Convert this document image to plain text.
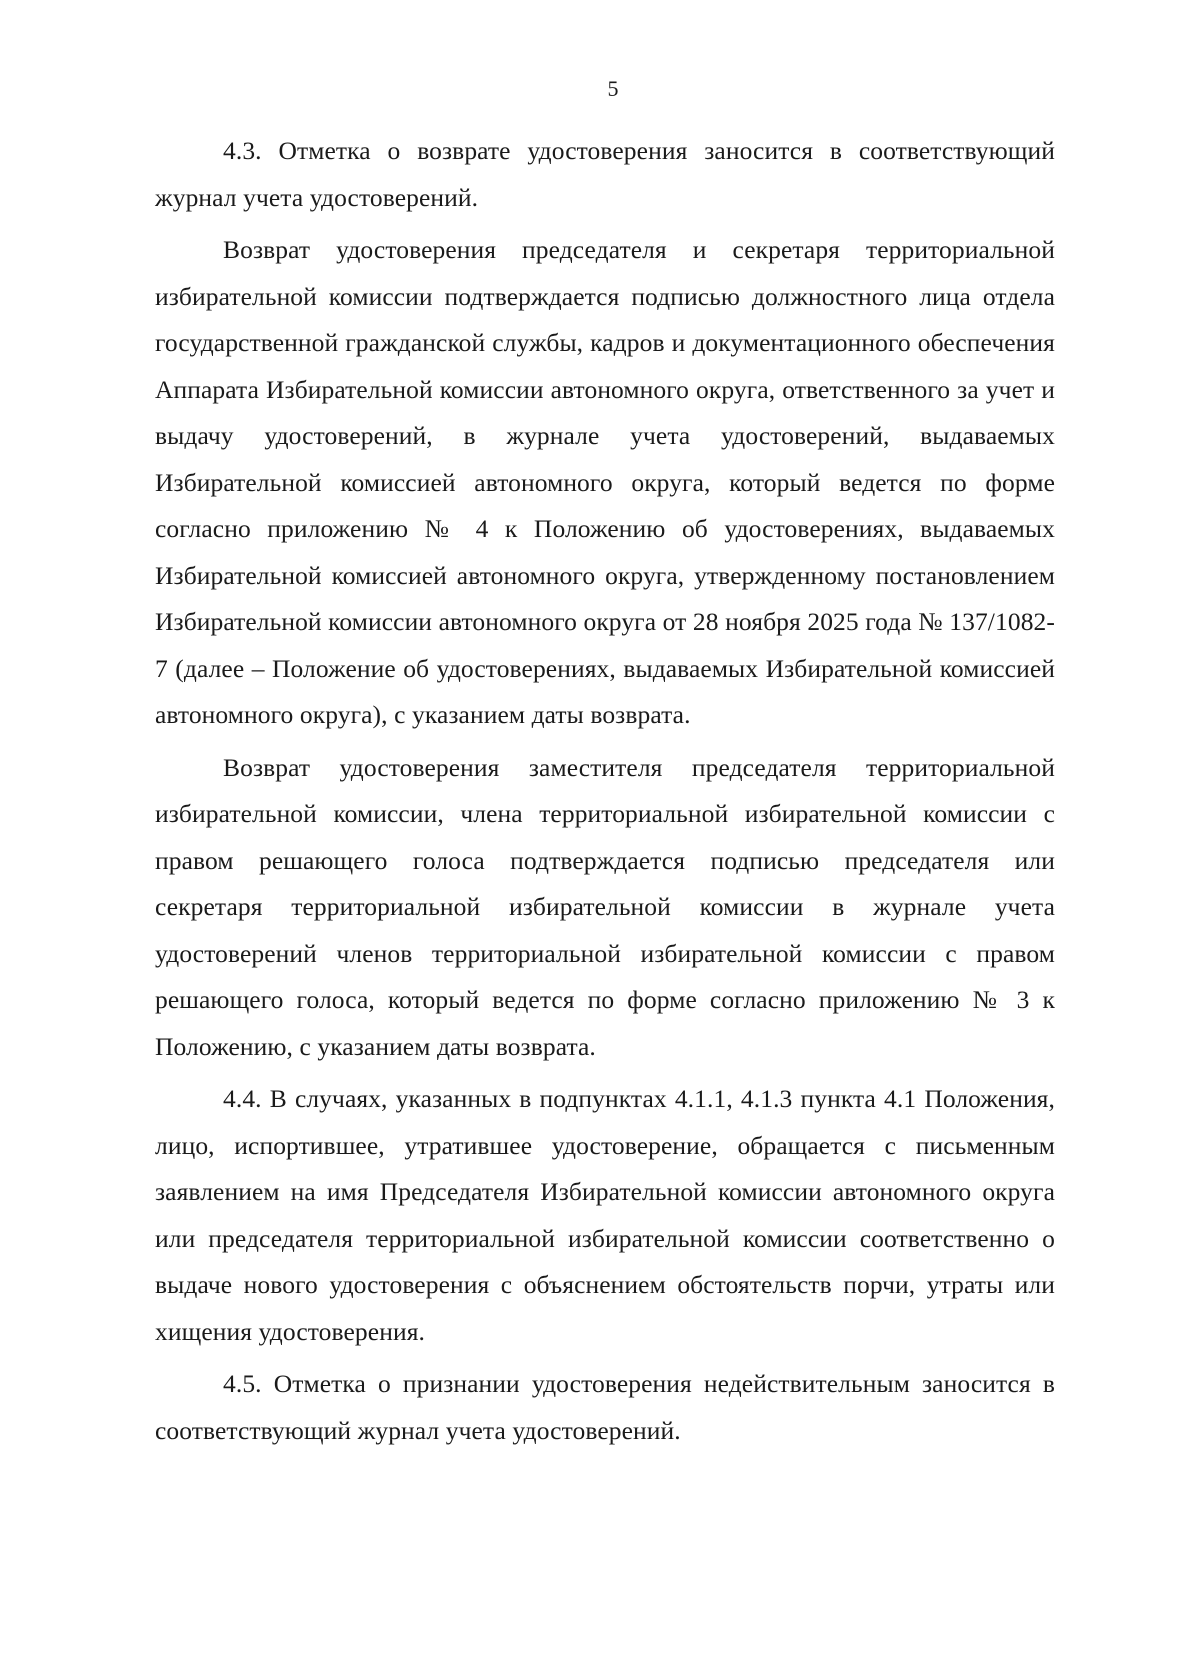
5

4.3. Отметка о возврате удостоверения заносится в соответствующий журнал учета удостоверений.

Возврат удостоверения председателя и секретаря территориальной избирательной комиссии подтверждается подписью должностного лица отдела государственной гражданской службы, кадров и документационного обеспечения Аппарата Избирательной комиссии автономного округа, ответственного за учет и выдачу удостоверений, в журнале учета удостоверений, выдаваемых Избирательной комиссией автономного округа, который ведется по форме согласно приложению № 4 к Положению об удостоверениях, выдаваемых Избирательной комиссией автономного округа, утвержденному постановлением Избирательной комиссии автономного округа от 28 ноября 2025 года № 137/1082-7 (далее – Положение об удостоверениях, выдаваемых Избирательной комиссией автономного округа), с указанием даты возврата.

Возврат удостоверения заместителя председателя территориальной избирательной комиссии, члена территориальной избирательной комиссии с правом решающего голоса подтверждается подписью председателя или секретаря территориальной избирательной комиссии в журнале учета удостоверений членов территориальной избирательной комиссии с правом решающего голоса, который ведется по форме согласно приложению № 3 к Положению, с указанием даты возврата.

4.4. В случаях, указанных в подпунктах 4.1.1, 4.1.3 пункта 4.1 Положения, лицо, испортившее, утратившее удостоверение, обращается с письменным заявлением на имя Председателя Избирательной комиссии автономного округа или председателя территориальной избирательной комиссии соответственно о выдаче нового удостоверения с объяснением обстоятельств порчи, утраты или хищения удостоверения.

4.5. Отметка о признании удостоверения недействительным заносится в соответствующий журнал учета удостоверений.
